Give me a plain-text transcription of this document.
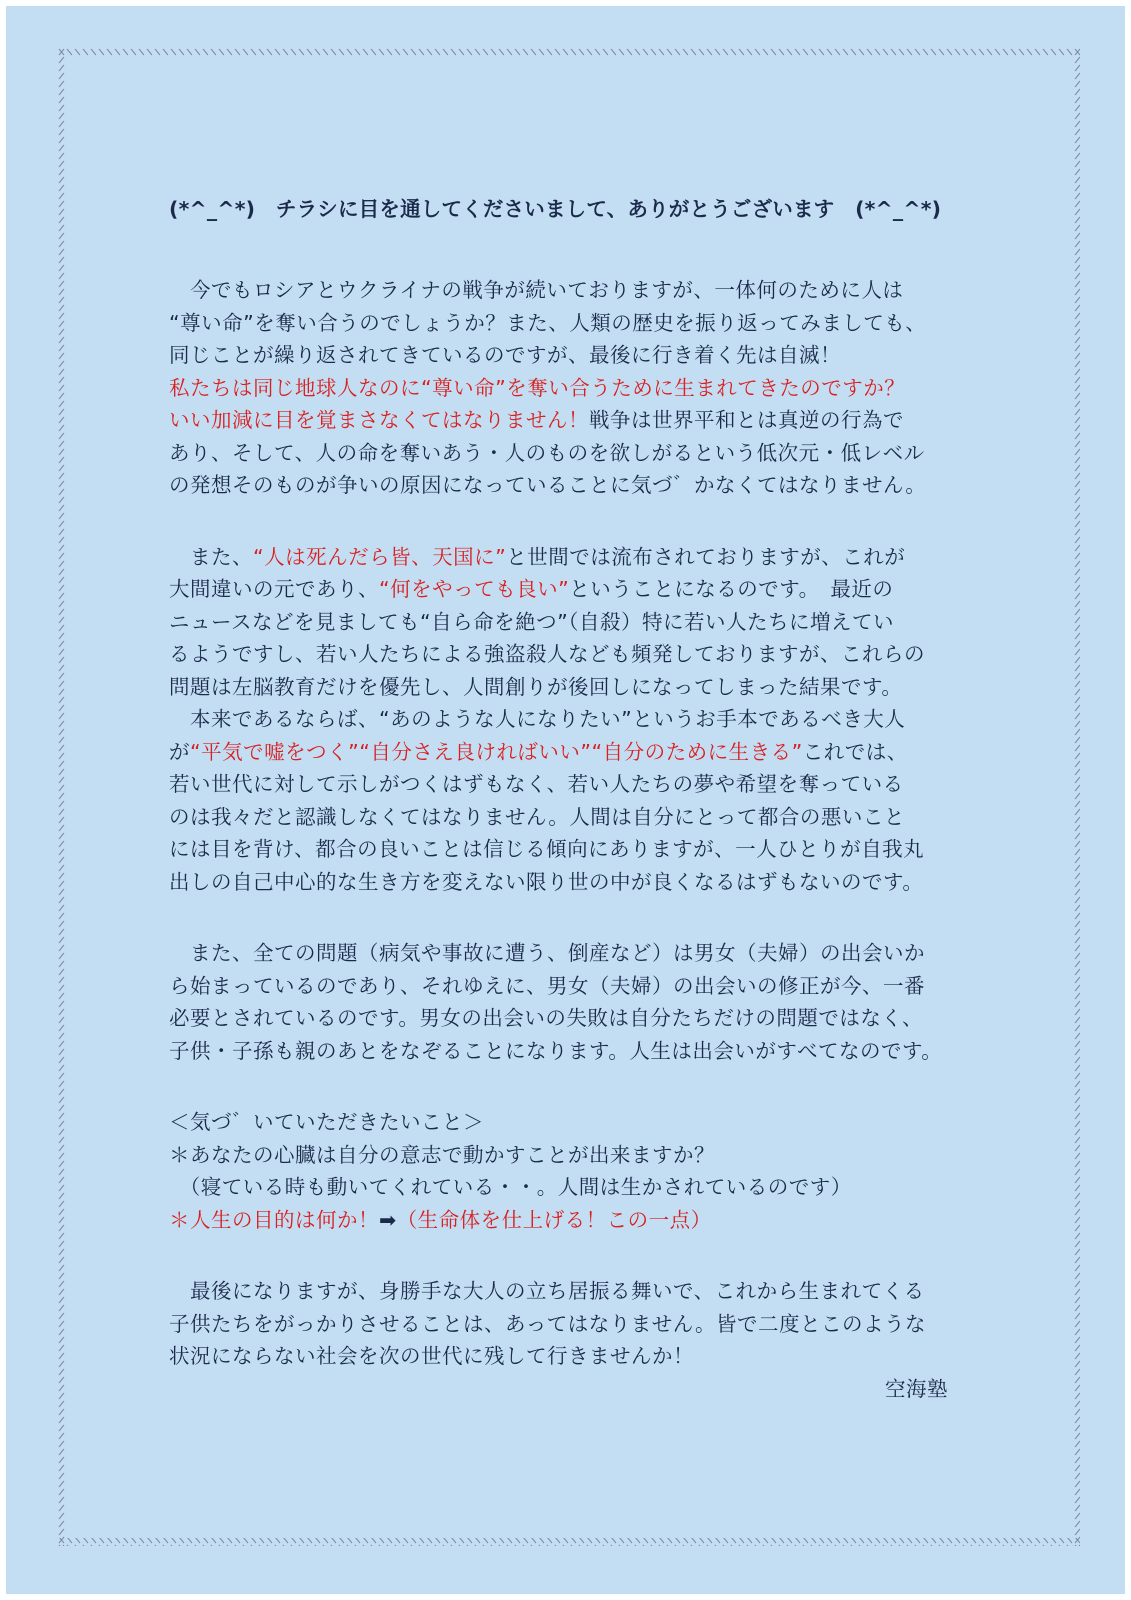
(*^_^*)　チラシに目を通してくださいまして、ありがとうございます　(*^_^*)
　今でもロシアとウクライナの戦争が続いておりますが、一体何のために人は
“尊い命”を奪い合うのでしょうか？また、人類の歴史を振り返ってみましても、
同じことが繰り返されてきているのですが、最後に行き着く先は自滅！
私たちは同じ地球人なのに“尊い命”を奪い合うために生まれてきたのですか？
いい加減に目を覚まさなくてはなりません！戦争は世界平和とは真逆の行為で
あり、そして、人の命を奪いあう・人のものを欲しがるという低次元・低レベル
の発想そのものが争いの原因になっていることに気づ゛かなくてはなりません。
　また、“人は死んだら皆、天国に”と世間では流布されておりますが、これが
大間違いの元であり、“何をやっても良い”ということになるのです。　最近の
ニュースなどを見ましても“自ら命を絶つ”（自殺）特に若い人たちに増えてい
るようですし、若い人たちによる強盗殺人なども頻発しておりますが、これらの
問題は左脳教育だけを優先し、人間創りが後回しになってしまった結果です。
　本来であるならば、“あのような人になりたい”というお手本であるべき大人
が“平気で嘘をつく”“自分さえ良ければいい”“自分のために生きる”これでは、
若い世代に対して示しがつくはずもなく、若い人たちの夢や希望を奪っている
のは我々だと認識しなくてはなりません。人間は自分にとって都合の悪いこと
には目を背け、都合の良いことは信じる傾向にありますが、一人ひとりが自我丸
出しの自己中心的な生き方を変えない限り世の中が良くなるはずもないのです。
　また、全ての問題（病気や事故に遭う、倒産など）は男女（夫婦）の出会いか
ら始まっているのであり、それゆえに、男女（夫婦）の出会いの修正が今、一番
必要とされているのです。男女の出会いの失敗は自分たちだけの問題ではなく、
子供・子孫も親のあとをなぞることになります。人生は出会いがすべてなのです。
＜気づ゛いていただきたいこと＞
＊あなたの心臓は自分の意志で動かすことが出来ますか？
　（寝ている時も動いてくれている・・。人間は生かされているのです）
＊人生の目的は何か！➡（生命体を仕上げる！この一点）
　最後になりますが、身勝手な大人の立ち居振る舞いで、これから生まれてくる
子供たちをがっかりさせることは、あってはなりません。皆で二度とこのような
状況にならない社会を次の世代に残して行きませんか！
空海塾
